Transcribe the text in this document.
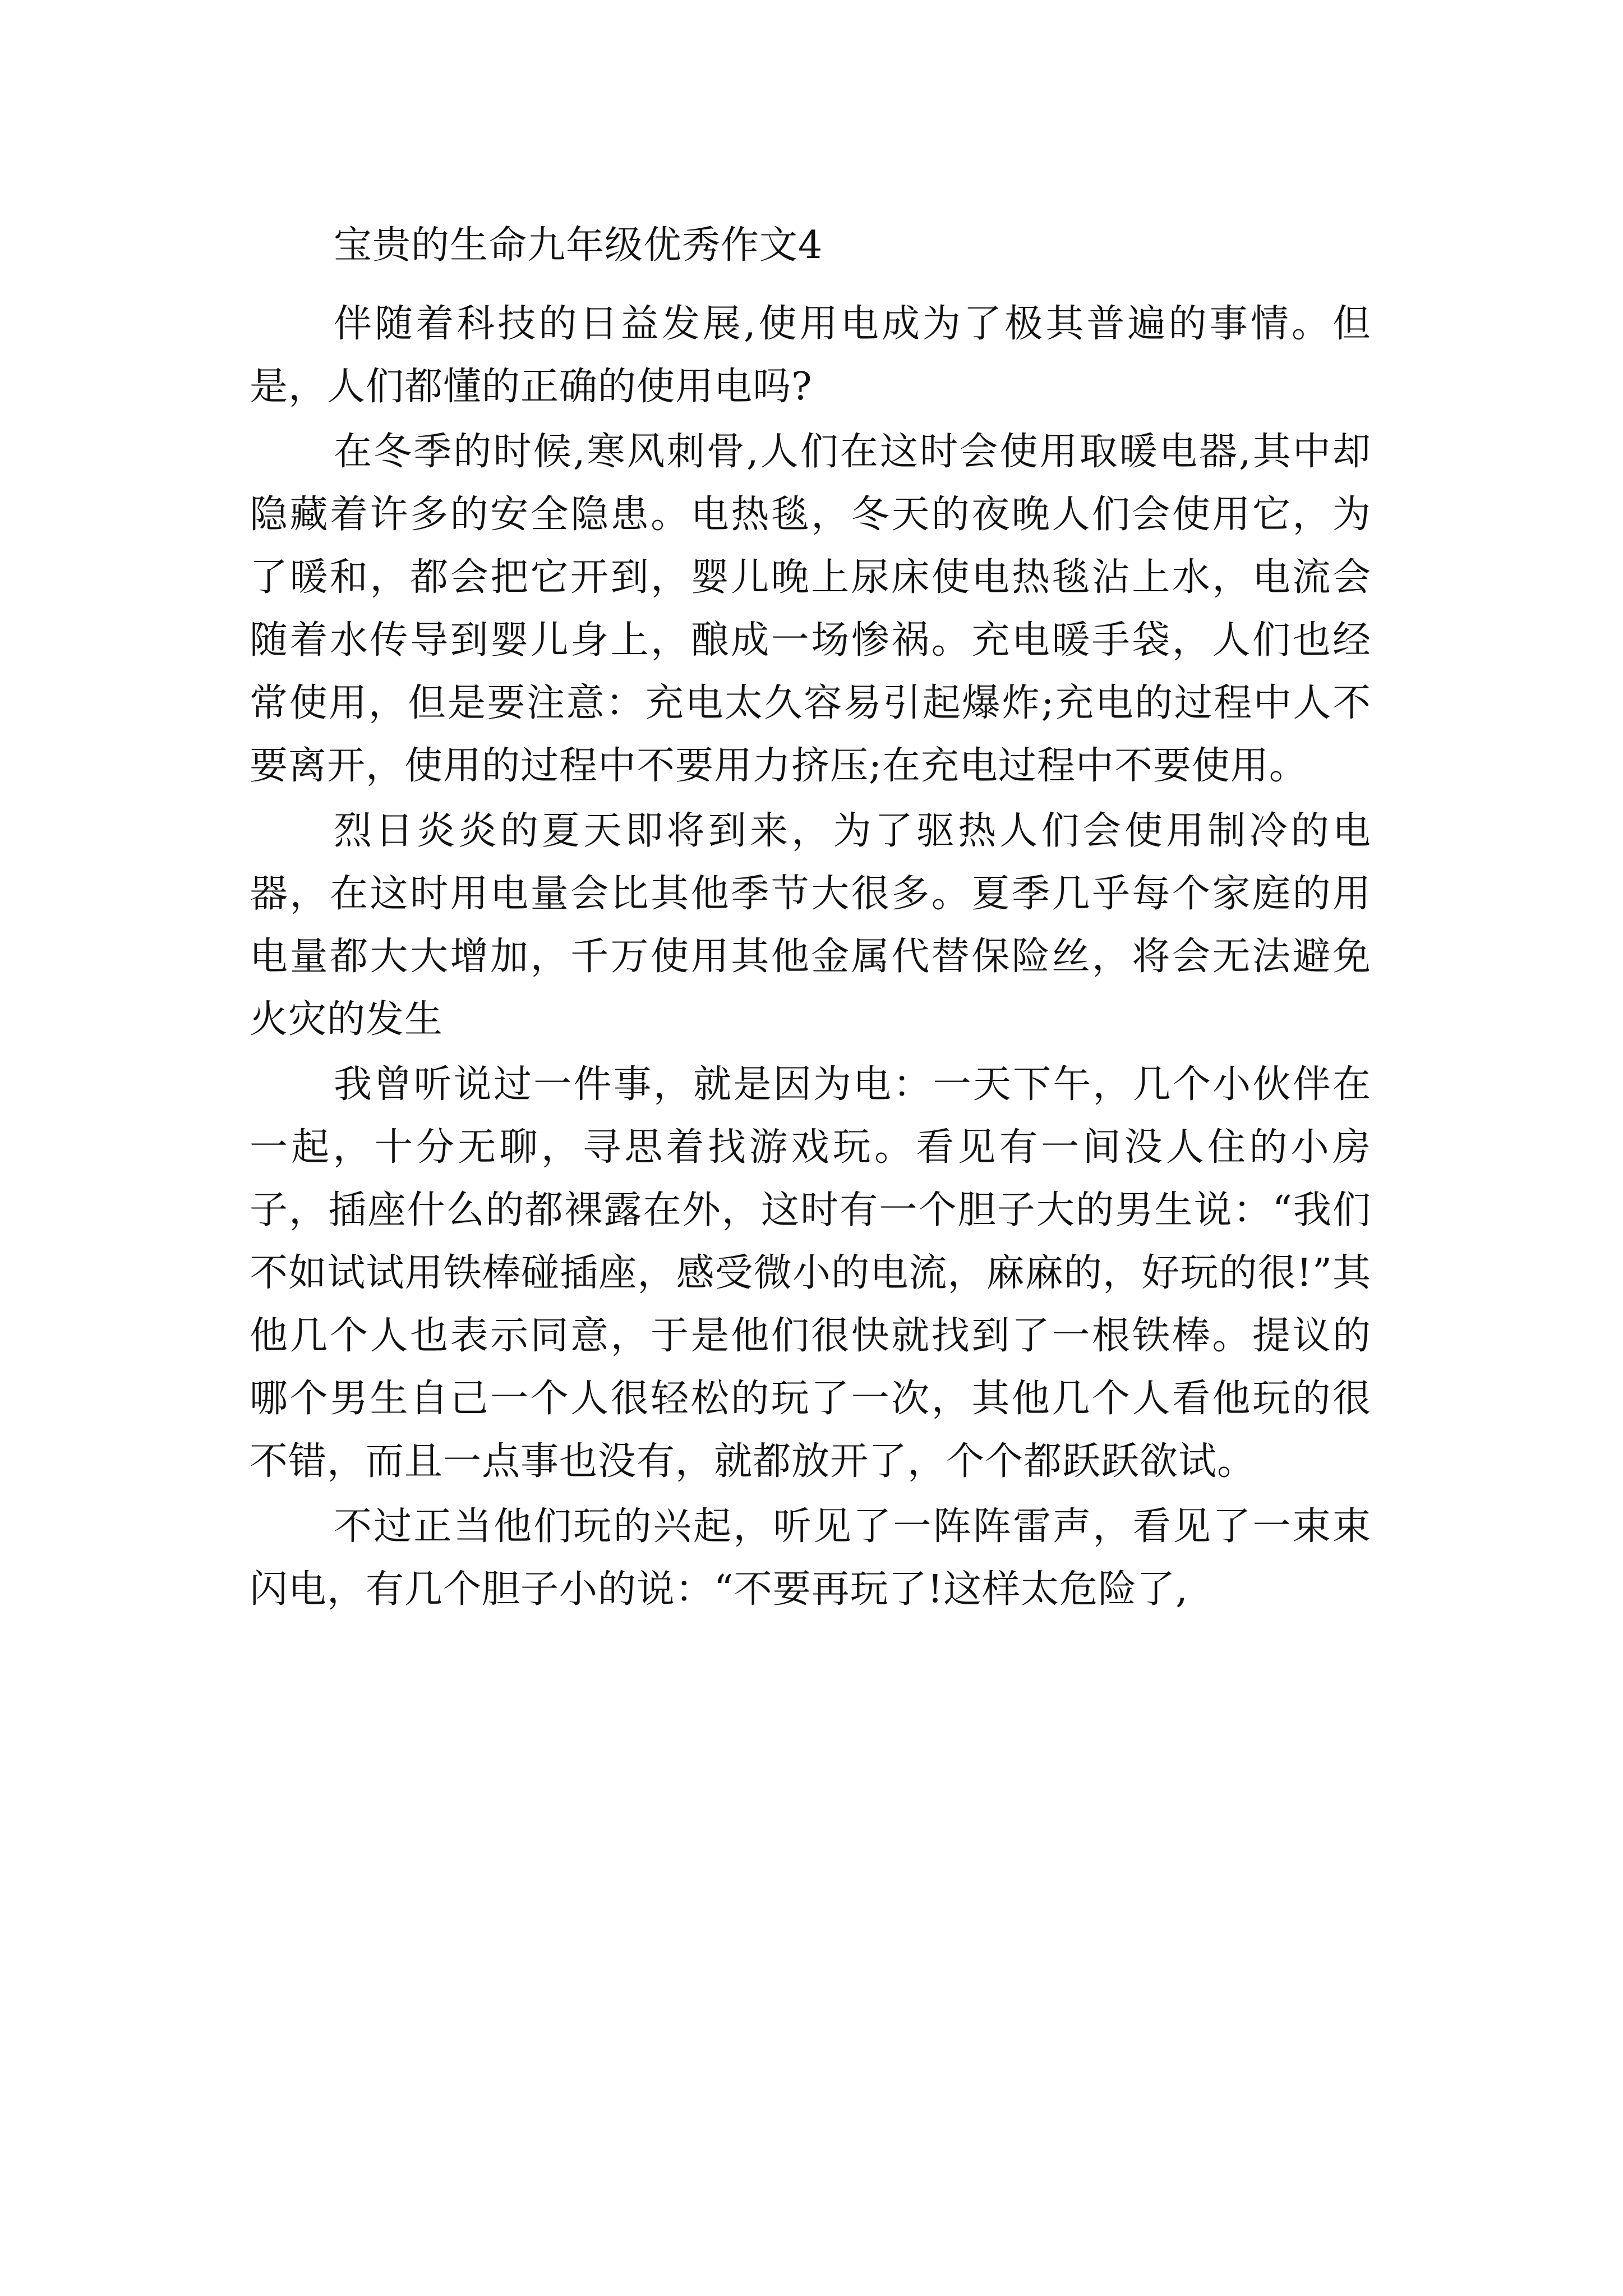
宝贵的生命九年级优秀作文4

伴随着科技的日益发展,使用电成为了极其普遍的事情。但是，人们都懂的正确的使用电吗?

在冬季的时候,寒风刺骨,人们在这时会使用取暖电器,其中却隐藏着许多的安全隐患。电热毯，冬天的夜晚人们会使用它，为了暖和，都会把它开到，婴儿晚上尿床使电热毯沾上水，电流会随着水传导到婴儿身上，酿成一场惨祸。充电暖手袋，人们也经常使用，但是要注意：充电太久容易引起爆炸;充电的过程中人不要离开，使用的过程中不要用力挤压;在充电过程中不要使用。

烈日炎炎的夏天即将到来，为了驱热人们会使用制冷的电器，在这时用电量会比其他季节大很多。夏季几乎每个家庭的用电量都大大增加，千万使用其他金属代替保险丝，将会无法避免火灾的发生

我曾听说过一件事，就是因为电：一天下午，几个小伙伴在一起，十分无聊，寻思着找游戏玩。看见有一间没人住的小房子，插座什么的都裸露在外，这时有一个胆子大的男生说：“我们不如试试用铁棒碰插座，感受微小的电流，麻麻的，好玩的很!”其他几个人也表示同意，于是他们很快就找到了一根铁棒。提议的哪个男生自己一个人很轻松的玩了一次，其他几个人看他玩的很不错，而且一点事也没有，就都放开了，个个都跃跃欲试。

不过正当他们玩的兴起，听见了一阵阵雷声，看见了一束束闪电，有几个胆子小的说：“不要再玩了!这样太危险了,
